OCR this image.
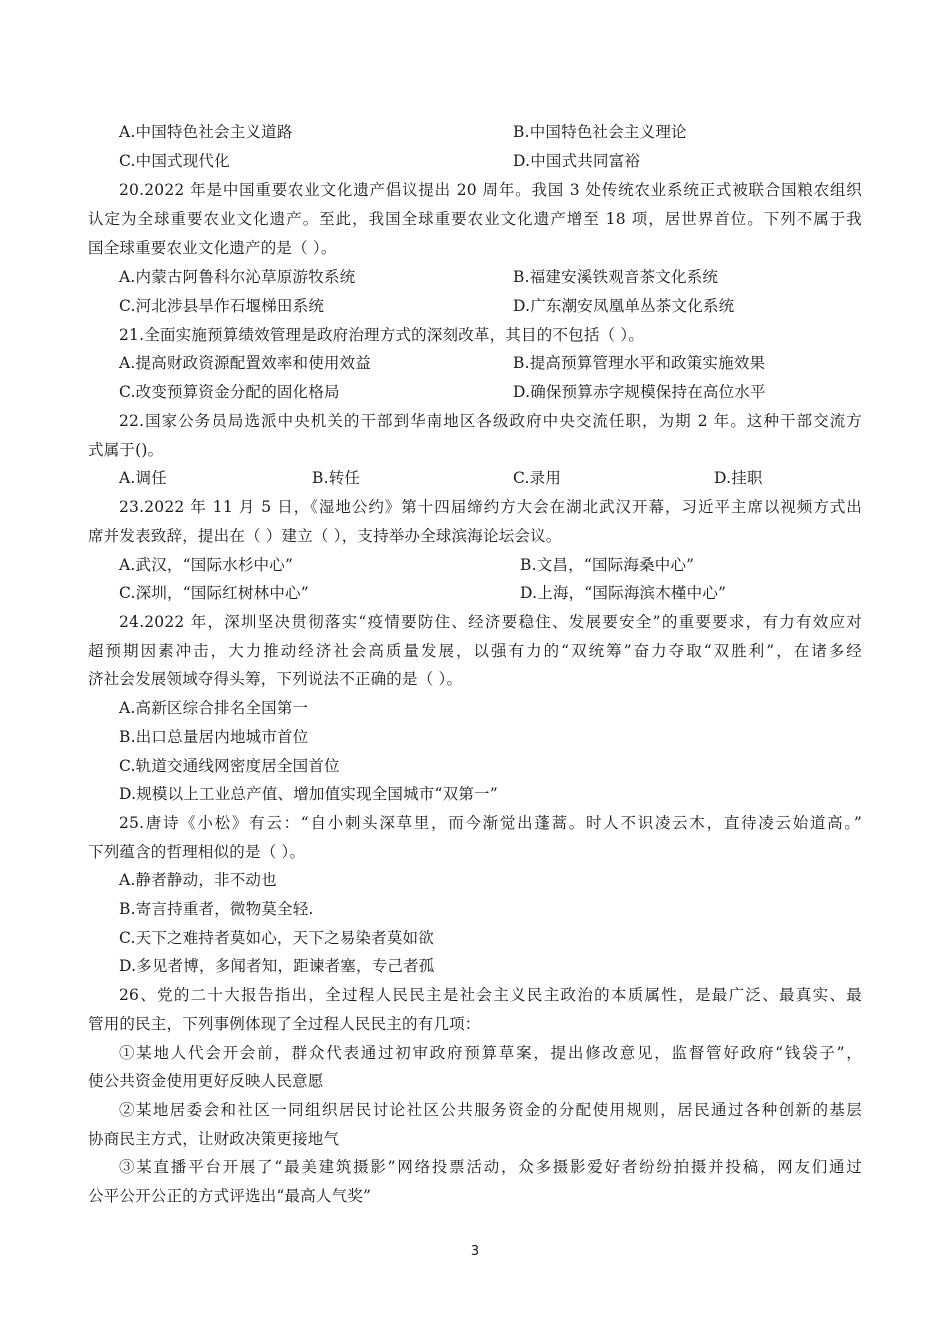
A.中国特色社会主义道路	B.中国特色社会主义理论
C.中国式现代化	D.中国式共同富裕
20.2022 年是中国重要农业文化遗产倡议提出 20 周年。我国 3 处传统农业系统正式被联合国粮农组织
认定为全球重要农业文化遗产。至此，我国全球重要农业文化遗产增至 18 项，居世界首位。下列不属于我
国全球重要农业文化遗产的是（ ）。
A.内蒙古阿鲁科尔沁草原游牧系统	B.福建安溪铁观音茶文化系统
C.河北涉县旱作石堰梯田系统	D.广东潮安凤凰单丛茶文化系统
21.全面实施预算绩效管理是政府治理方式的深刻改革，其目的不包括（ ）。
A.提高财政资源配置效率和使用效益	B.提高预算管理水平和政策实施效果
C.改变预算资金分配的固化格局	D.确保预算赤字规模保持在高位水平
22.国家公务员局选派中央机关的干部到华南地区各级政府中央交流任职，为期 2 年。这种干部交流方
式属于()。
A.调任	B.转任	C.录用	D.挂职
23.2022 年 11 月 5 日，《湿地公约》第十四届缔约方大会在湖北武汉开幕，习近平主席以视频方式出
席并发表致辞，提出在（ ）建立（ ），支持举办全球滨海论坛会议。
A.武汉，“国际水杉中心”	B.文昌，“国际海桑中心”
C.深圳，“国际红树林中心”	D.上海，“国际海滨木槿中心”
24.2022 年，深圳坚决贯彻落实“疫情要防住、经济要稳住、发展要安全”的重要要求，有力有效应对
超预期因素冲击，大力推动经济社会高质量发展，以强有力的“双统筹”奋力夺取“双胜利”，在诸多经
济社会发展领域夺得头筹，下列说法不正确的是（ ）。
A.高新区综合排名全国第一
B.出口总量居内地城市首位
C.轨道交通线网密度居全国首位
D.规模以上工业总产值、增加值实现全国城市“双第一”
25.唐诗《小松》有云：“自小刺头深草里，而今渐觉出蓬蒿。时人不识凌云木，直待凌云始道高。”
下列蕴含的哲理相似的是（ ）。
A.静者静动，非不动也
B.寄言持重者，微物莫全轻.
C.天下之难持者莫如心，天下之易染者莫如欲
D.多见者博，多闻者知，距谏者塞，专己者孤
26、党的二十大报告指出，全过程人民民主是社会主义民主政治的本质属性，是最广泛、最真实、最
管用的民主，下列事例体现了全过程人民民主的有几项：
①某地人代会开会前，群众代表通过初审政府预算草案，提出修改意见，监督管好政府“钱袋子”，
使公共资金使用更好反映人民意愿
②某地居委会和社区一同组织居民讨论社区公共服务资金的分配使用规则，居民通过各种创新的基层
协商民主方式，让财政决策更接地气
③某直播平台开展了“最美建筑摄影”网络投票活动，众多摄影爱好者纷纷拍摄并投稿，网友们通过
公平公开公正的方式评选出“最高人气奖”
3
